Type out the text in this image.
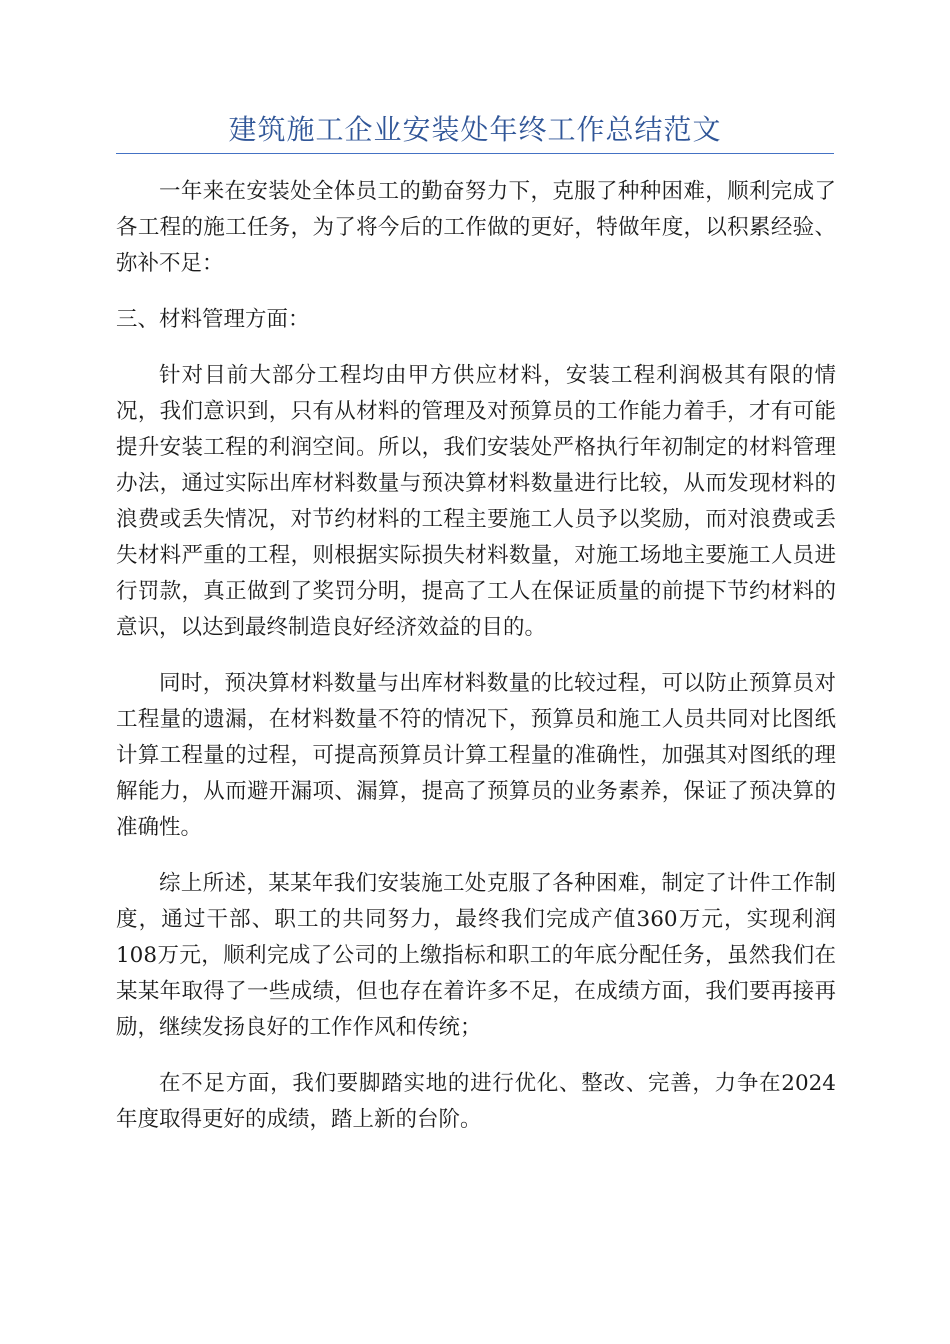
建筑施工企业安装处年终工作总结范文

一年来在安装处全体员工的勤奋努力下，克服了种种困难，顺利完成了各工程的施工任务，为了将今后的工作做的更好，特做年度，以积累经验、弥补不足：

三、材料管理方面：

针对目前大部分工程均由甲方供应材料，安装工程利润极其有限的情况，我们意识到，只有从材料的管理及对预算员的工作能力着手，才有可能提升安装工程的利润空间。所以，我们安装处严格执行年初制定的材料管理办法，通过实际出库材料数量与预决算材料数量进行比较，从而发现材料的浪费或丢失情况，对节约材料的工程主要施工人员予以奖励，而对浪费或丢失材料严重的工程，则根据实际损失材料数量，对施工场地主要施工人员进行罚款，真正做到了奖罚分明，提高了工人在保证质量的前提下节约材料的意识，以达到最终制造良好经济效益的目的。

同时，预决算材料数量与出库材料数量的比较过程，可以防止预算员对工程量的遗漏，在材料数量不符的情况下，预算员和施工人员共同对比图纸计算工程量的过程，可提高预算员计算工程量的准确性，加强其对图纸的理解能力，从而避开漏项、漏算，提高了预算员的业务素养，保证了预决算的准确性。

综上所述，某某年我们安装施工处克服了各种困难，制定了计件工作制度，通过干部、职工的共同努力，最终我们完成产值360万元，实现利润108万元，顺利完成了公司的上缴指标和职工的年底分配任务，虽然我们在某某年取得了一些成绩，但也存在着许多不足，在成绩方面，我们要再接再励，继续发扬良好的工作作风和传统；

在不足方面，我们要脚踏实地的进行优化、整改、完善，力争在2024年度取得更好的成绩，踏上新的台阶。
